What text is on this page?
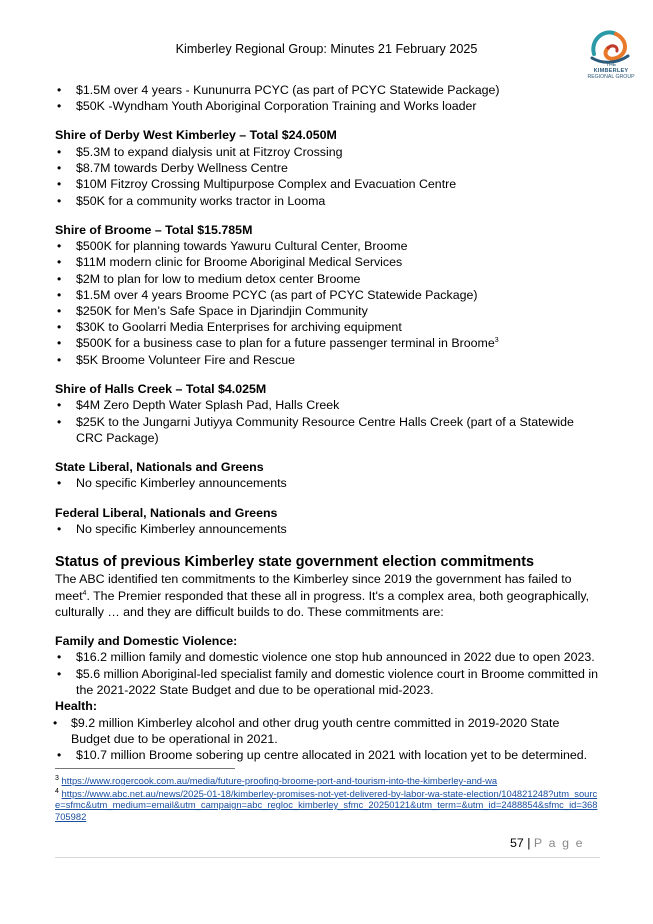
Kimberley Regional Group: Minutes 21 February 2025
THE
KIMBERLEY
REGIONAL GROUP
• $1.5M over 4 years - Kununurra PCYC (as part of PCYC Statewide Package)
• $50K -Wyndham Youth Aboriginal Corporation Training and Works loader
Shire of Derby West Kimberley – Total $24.050M
• $5.3M to expand dialysis unit at Fitzroy Crossing
• $8.7M towards Derby Wellness Centre
• $10M Fitzroy Crossing Multipurpose Complex and Evacuation Centre
• $50K for a community works tractor in Looma
Shire of Broome – Total $15.785M
• $500K for planning towards Yawuru Cultural Center, Broome
• $11M modern clinic for Broome Aboriginal Medical Services
• $2M to plan for low to medium detox center Broome
• $1.5M over 4 years Broome PCYC (as part of PCYC Statewide Package)
• $250K for Men’s Safe Space in Djarindjin Community
• $30K to Goolarri Media Enterprises for archiving equipment
• $500K for a business case to plan for a future passenger terminal in Broome$^3$
• $5K Broome Volunteer Fire and Rescue
Shire of Halls Creek – Total $4.025M
• $4M Zero Depth Water Splash Pad, Halls Creek
• $25K to the Jungarni Jutiyya Community Resource Centre Halls Creek (part of a Statewide CRC Package)
State Liberal, Nationals and Greens
• No specific Kimberley announcements
Federal Liberal, Nationals and Greens
• No specific Kimberley announcements
Status of previous Kimberley state government election commitments

The ABC identified ten commitments to the Kimberley since 2019 the government has failed to meet$^4$. The Premier responded that these all in progress. It's a complex area, both geographically, culturally … and they are difficult builds to do. These commitments are:

Family and Domestic Violence:
• $16.2 million family and domestic violence one stop hub announced in 2022 due to open 2023.
• $5.6 million Aboriginal-led specialist family and domestic violence court in Broome committed in the 2021-2022 State Budget and due to be operational mid-2023.
Health:
• $9.2 million Kimberley alcohol and other drug youth centre committed in 2019-2020 State Budget due to be operational in 2021.
• $10.7 million Broome sobering up centre allocated in 2021 with location yet to be determined.
$^3$ https://www.rogercook.com.au/media/future-proofing-broome-port-and-tourism-into-the-kimberley-and-wa
$^4$ https://www.abc.net.au/news/2025-01-18/kimberley-promises-not-yet-delivered-by-labor-wa-state-election/104821248?utm_source=sfmc&utm_medium=email&utm_campaign=abc_regloc_kimberley_sfmc_20250121&utm_term=&utm_id=2488854&sfmc_id=368705982
57 | P a g e
